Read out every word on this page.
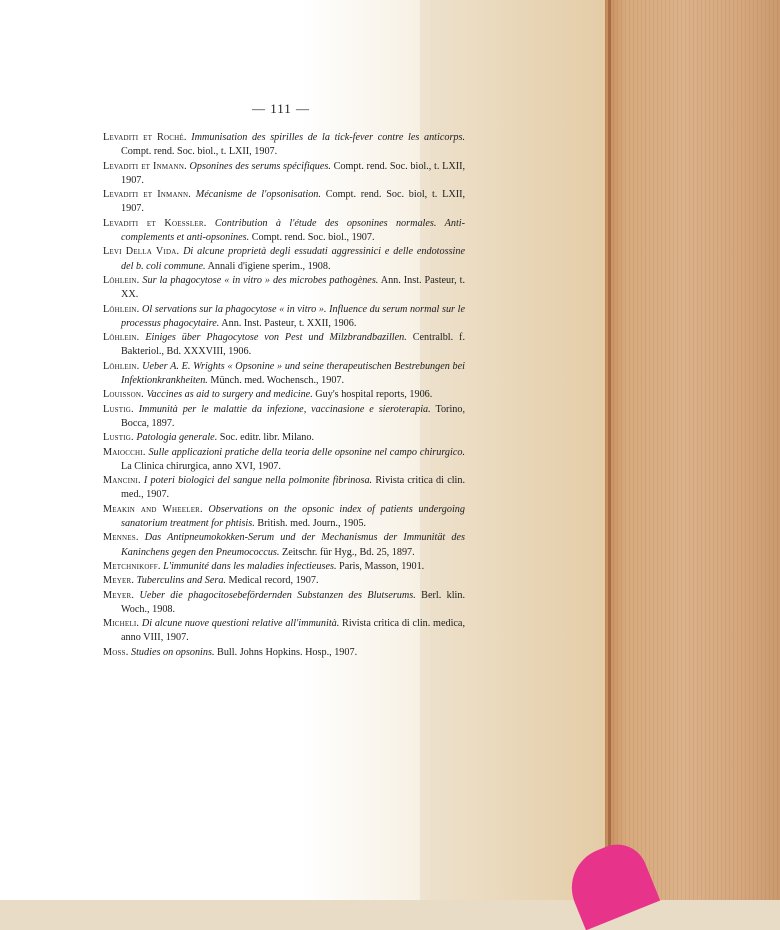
— 111 —

Levaditi et Roché. Immunisation des spirilles de la tick-fever contre les anticorps. Compt. rend. Soc. biol., t. LXII, 1907.

Levaditi et Inmann. Opsonines des serums spécifiques. Compt. rend. Soc. biol., t. LXII, 1907.

Levaditi et Inmann. Mécanisme de l'opsonisation. Compt. rend. Soc. biol, t. LXII, 1907.

Levaditi et Koessler. Contribution à l'étude des opsonines normales. Anti-complements et anti-opsonines. Compt. rend. Soc. biol., 1907.

Levi Della Vida. Di alcune proprietà degli essudati aggressinici e delle endotossine del b. coli commune. Annali d'igiene sperim., 1908.

Löhlein. Sur la phagocytose « in vitro » des microbes pathogènes. Ann. Inst. Pasteur, t. XX.

Löhlein. Ol servations sur la phagocytose « in vitro ». Influence du serum normal sur le processus phagocytaire. Ann. Inst. Pasteur, t. XXII, 1906.

Löhlein. Einiges über Phagocytose von Pest und Milzbrandbazillen. Centralbl. f. Bakteriol., Bd. XXXVIII, 1906.

Löhlein. Ueber A. E. Wrights « Opsonine » und seine therapeutischen Bestrebungen bei Infektionkrankheiten. Münch. med. Wochensch., 1907.

Louisson. Vaccines as aid to surgery and medicine. Guy's hospital reports, 1906.

Lustig. Immunità per le malattie da infezione, vaccinasione e sieroterapia. Torino, Bocca, 1897.

Lustig. Patologia generale. Soc. editr. libr. Milano.

Maiocchi. Sulle applicazioni pratiche della teoria delle opsonine nel campo chirurgico. La Clinica chirurgica, anno XVI, 1907.

Mancini. I poteri biologici del sangue nella polmonite fibrinosa. Rivista critica di clin. med., 1907.

Meakin and Wheeler. Observations on the opsonic index of patients undergoing sanatorium treatment for phtisis. British. med. Journ., 1905.

Mennes. Das Antipneumokokken-Serum und der Mechanismus der Immunität des Kaninchens gegen den Pneumococcus. Zeitschr. für Hyg., Bd. 25, 1897.

Metchnikoff. L'immunité dans les maladies infectieuses. Paris, Masson, 1901.

Meyer. Tuberculins and Sera. Medical record, 1907.

Meyer. Ueber die phagocitosebefördernden Substanzen des Blutserums. Berl. klin. Woch., 1908.

Micheli. Di alcune nuove questioni relative all'immunità. Rivista critica di clin. medica, anno VIII, 1907.

Moss. Studies on opsonins. Bull. Johns Hopkins. Hosp., 1907.
